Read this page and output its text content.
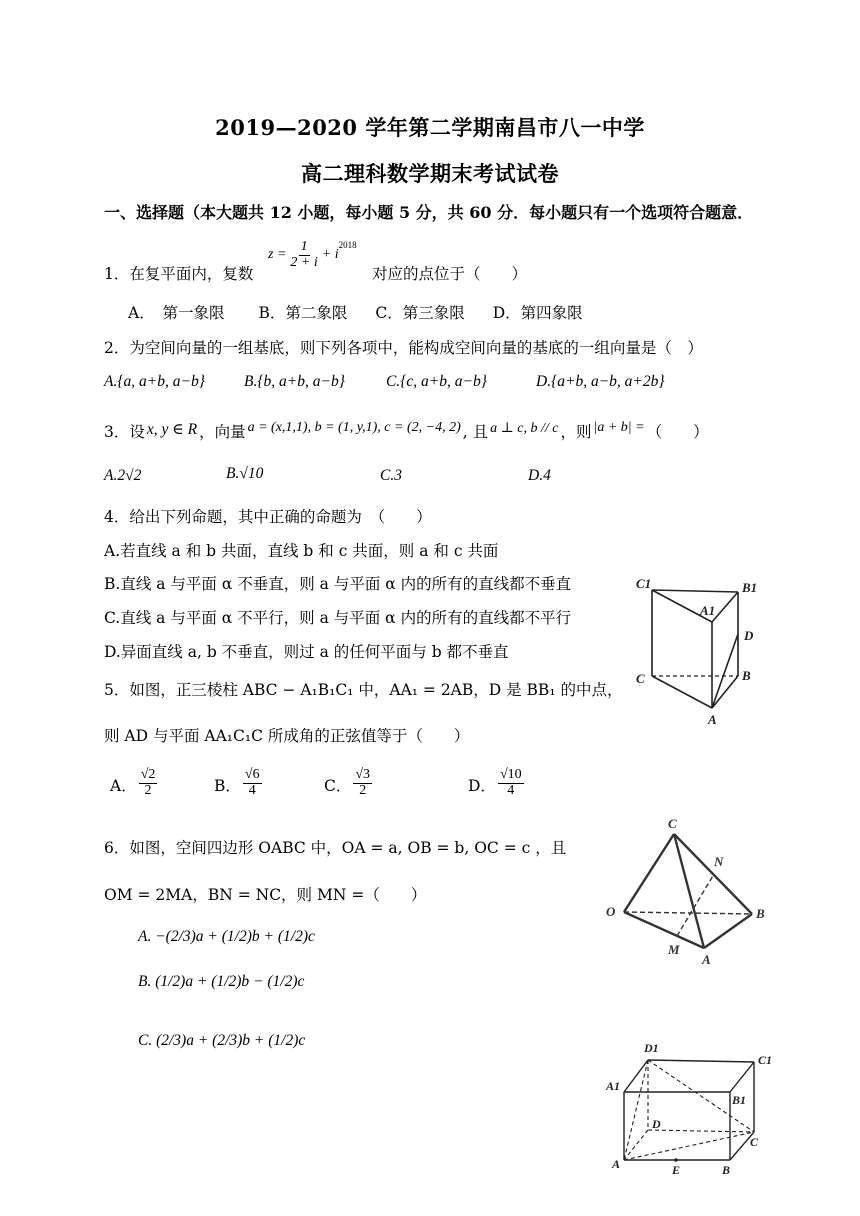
2019—2020 学年第二学期南昌市八一中学
高二理科数学期末考试试卷
一、选择题（本大题共 12 小题，每小题 5 分，共 60 分．每小题只有一个选项符合题意．
1．在复平面内，复数
$z = \frac{1}{2 + i} + i$
2018
对应的点位于（　　）
A．　第一象限 B．第二象限 C．第三象限 D．第四象限
2．为空间向量的一组基底，则下列各项中，能构成空间向量的基底的一组向量是（　）
A.{a, a+b, a−b}	B.{b, a+b, a−b}	C.{c, a+b, a−b}	D.{a+b, a−b, a+2b}
3．设 x, y ∈ R ，向量 a = (x,1,1), b = (1, y,1), c = (2, −4, 2) , 且 a ⊥ c, b // c ，则 |a + b| = （　　）
A.2√2	B.√10	C.3	D.4
4．给出下列命题，其中正确的命题为　（　　）
A.若直线 a 和 b 共面，直线 b 和 c 共面，则 a 和 c 共面
B.直线 a 与平面 α 不垂直，则 a 与平面 α 内的所有的直线都不垂直
C.直线 a 与平面 α 不平行，则 a 与平面 α 内的所有的直线都不平行
D.异面直线 a, b 不垂直，则过 a 的任何平面与 b 都不垂直
C1	B1
A1
D
C	B
A
5．如图，正三棱柱 ABC − A₁B₁C₁ 中，AA₁ = 2AB，D 是 BB₁ 的中点，
则 AD 与平面 AA₁C₁C 所成角的正弦值等于（　　）
A． $\frac{√2}{2}$	B． $\frac{√6}{4}$	C． $\frac{√3}{2}$	D． $\frac{√10}{4}$
C
N
O	B
M
A
6．如图，空间四边形 OABC 中，OA = a, OB = b, OC = c ，且
OM = 2MA，BN = NC，则 MN =（　　）
A. −(2/3)a + (1/2)b + (1/2)c
B. (1/2)a + (1/2)b − (1/2)c
C. (2/3)a + (2/3)b + (1/2)c	D1
C1
A1
B1
D
C
A	E	B
